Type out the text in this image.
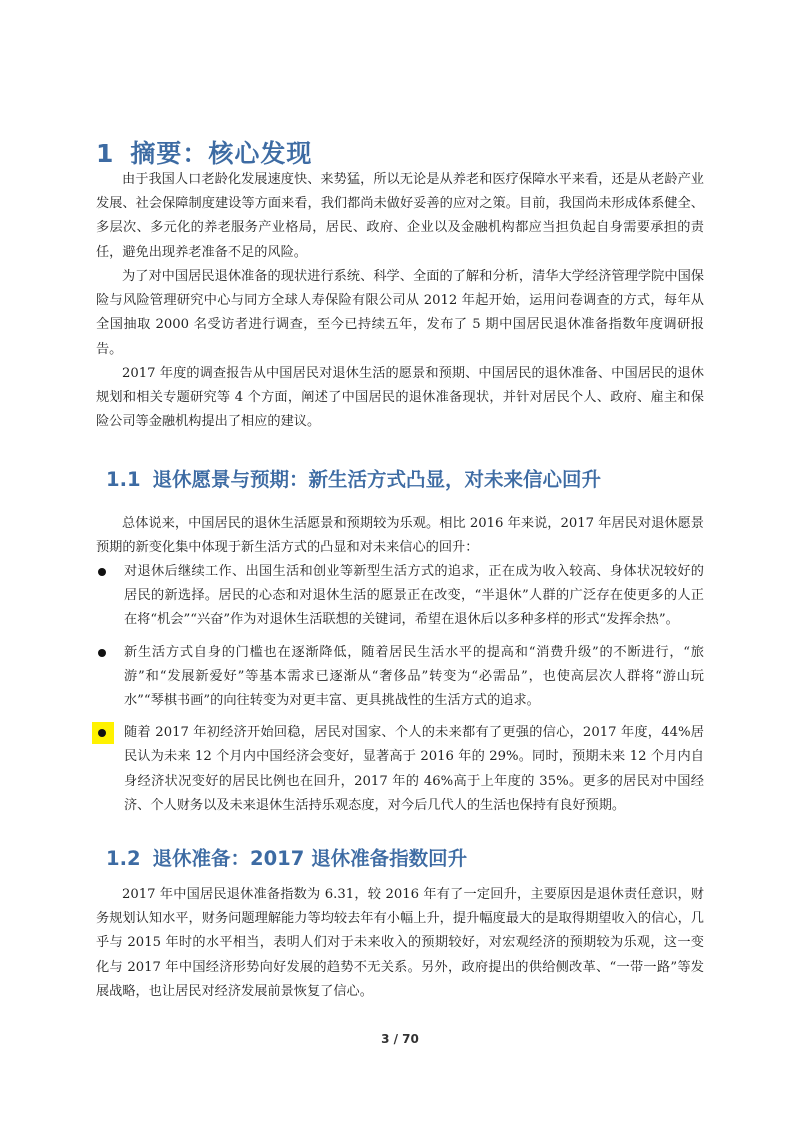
1 摘要：核心发现

由于我国人口老龄化发展速度快、来势猛，所以无论是从养老和医疗保障水平来看，还是从老龄产业发展、社会保障制度建设等方面来看，我们都尚未做好妥善的应对之策。目前，我国尚未形成体系健全、多层次、多元化的养老服务产业格局，居民、政府、企业以及金融机构都应当担负起自身需要承担的责任，避免出现养老准备不足的风险。

为了对中国居民退休准备的现状进行系统、科学、全面的了解和分析，清华大学经济管理学院中国保险与风险管理研究中心与同方全球人寿保险有限公司从 2012 年起开始，运用问卷调查的方式，每年从全国抽取 2000 名受访者进行调查，至今已持续五年，发布了 5 期中国居民退休准备指数年度调研报告。

2017 年度的调查报告从中国居民对退休生活的愿景和预期、中国居民的退休准备、中国居民的退休规划和相关专题研究等 4 个方面，阐述了中国居民的退休准备现状，并针对居民个人、政府、雇主和保险公司等金融机构提出了相应的建议。

1.1 退休愿景与预期：新生活方式凸显，对未来信心回升

总体说来，中国居民的退休生活愿景和预期较为乐观。相比 2016 年来说，2017 年居民对退休愿景预期的新变化集中体现于新生活方式的凸显和对未来信心的回升：

对退休后继续工作、出国生活和创业等新型生活方式的追求，正在成为收入较高、身体状况较好的居民的新选择。居民的心态和对退休生活的愿景正在改变，“半退休”人群的广泛存在使更多的人正在将“机会”“兴奋”作为对退休生活联想的关键词，希望在退休后以多种多样的形式“发挥余热”。
新生活方式自身的门槛也在逐渐降低，随着居民生活水平的提高和“消费升级”的不断进行，“旅游”和“发展新爱好”等基本需求已逐渐从“奢侈品”转变为“必需品”，也使高层次人群将“游山玩水”“琴棋书画”的向往转变为对更丰富、更具挑战性的生活方式的追求。
随着 2017 年初经济开始回稳，居民对国家、个人的未来都有了更强的信心，2017 年度，44%居民认为未来 12 个月内中国经济会变好，显著高于 2016 年的 29%。同时，预期未来 12 个月内自身经济状况变好的居民比例也在回升，2017 年的 46%高于上年度的 35%。更多的居民对中国经济、个人财务以及未来退休生活持乐观态度，对今后几代人的生活也保持有良好预期。
1.2 退休准备：2017 退休准备指数回升

2017 年中国居民退休准备指数为 6.31，较 2016 年有了一定回升，主要原因是退休责任意识，财务规划认知水平，财务问题理解能力等均较去年有小幅上升，提升幅度最大的是取得期望收入的信心，几乎与 2015 年时的水平相当，表明人们对于未来收入的预期较好，对宏观经济的预期较为乐观，这一变化与 2017 年中国经济形势向好发展的趋势不无关系。另外，政府提出的供给侧改革、“一带一路”等发展战略，也让居民对经济发展前景恢复了信心。

3 / 70
